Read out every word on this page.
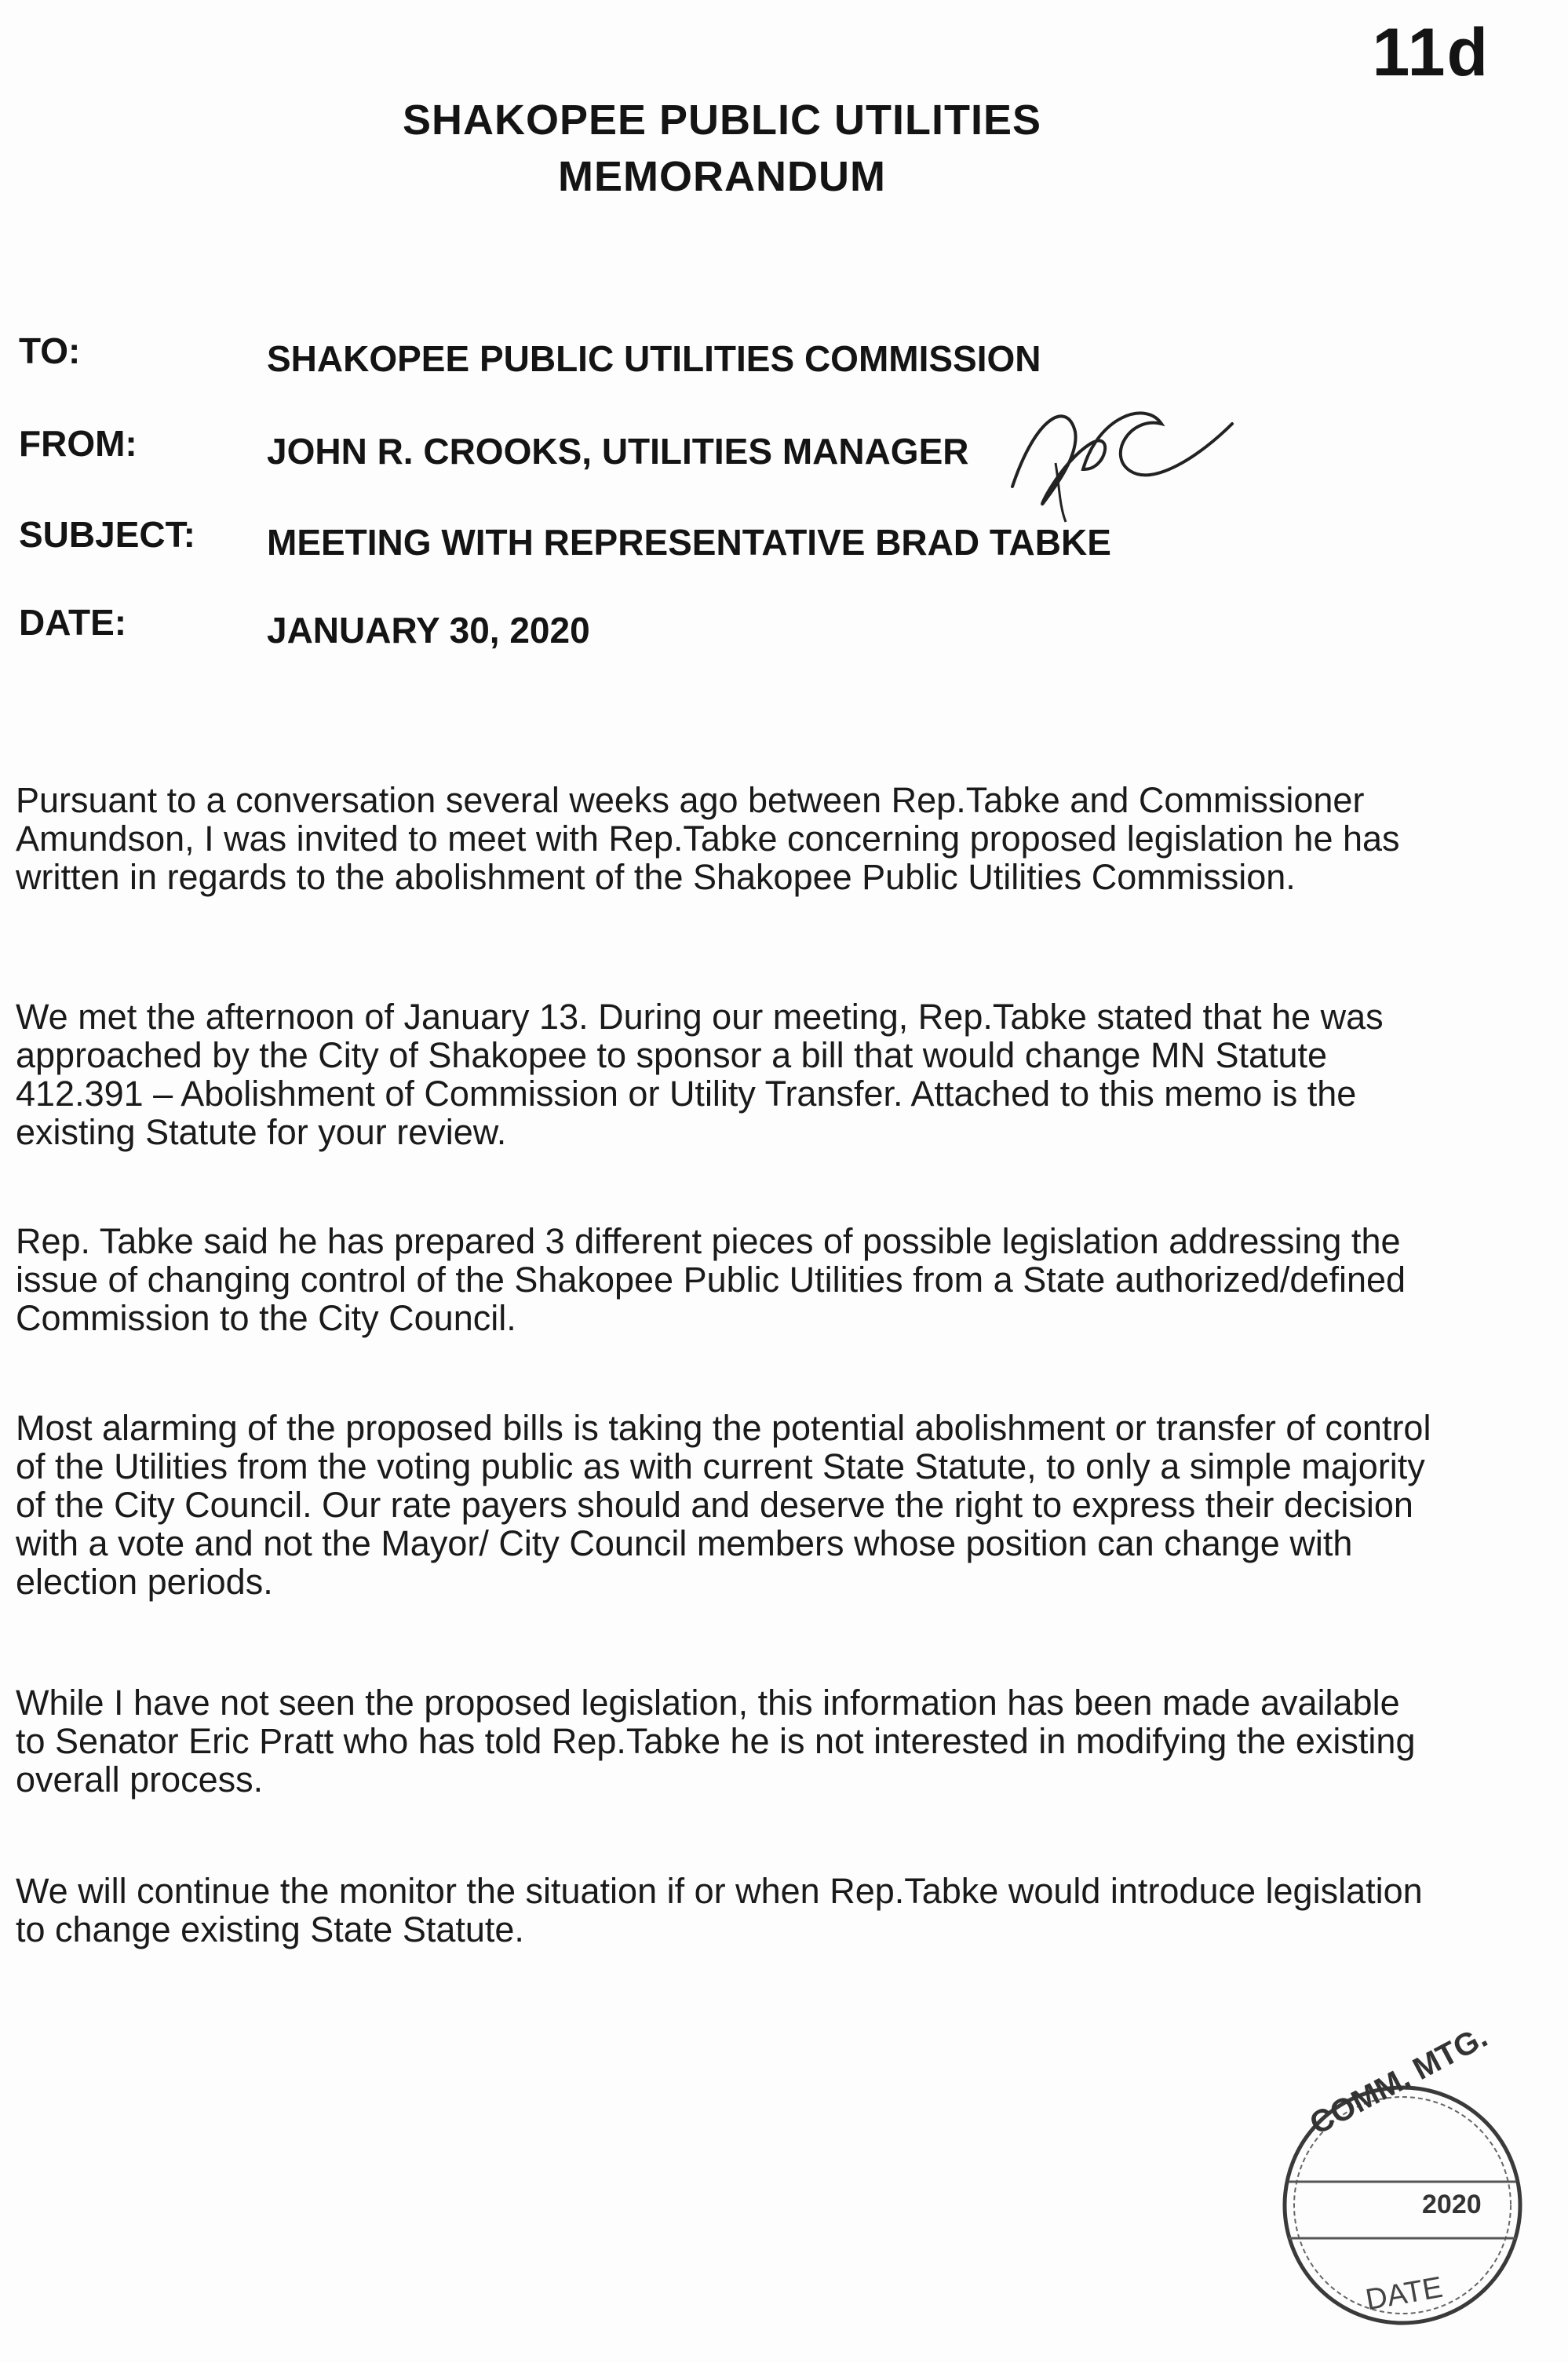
11d
SHAKOPEE PUBLIC UTILITIES
MEMORANDUM
TO:	SHAKOPEE PUBLIC UTILITIES COMMISSION
FROM:	JOHN R. CROOKS, UTILITIES MANAGER
SUBJECT: MEETING WITH REPRESENTATIVE BRAD TABKE
DATE:	JANUARY 30, 2020

Pursuant to a conversation several weeks ago between Rep.Tabke and Commissioner Amundson, I was invited to meet with Rep.Tabke concerning proposed legislation he has written in regards to the abolishment of the Shakopee Public Utilities Commission.

We met the afternoon of January 13. During our meeting, Rep.Tabke stated that he was approached by the City of Shakopee to sponsor a bill that would change MN Statute 412.391 – Abolishment of Commission or Utility Transfer. Attached to this memo is the existing Statute for your review.

Rep. Tabke said he has prepared 3 different pieces of possible legislation addressing the issue of changing control of the Shakopee Public Utilities from a State authorized/defined Commission to the City Council.

Most alarming of the proposed bills is taking the potential abolishment or transfer of control of the Utilities from the voting public as with current State Statute, to only a simple majority of the City Council. Our rate payers should and deserve the right to express their decision with a vote and not the Mayor/ City Council members whose position can change with election periods.

While I have not seen the proposed legislation, this information has been made available to Senator Eric Pratt who has told Rep.Tabke he is not interested in modifying the existing overall process.

We will continue the monitor the situation if or when Rep.Tabke would introduce legislation to change existing State Statute.

COMM. MTG.
2020
DATE
